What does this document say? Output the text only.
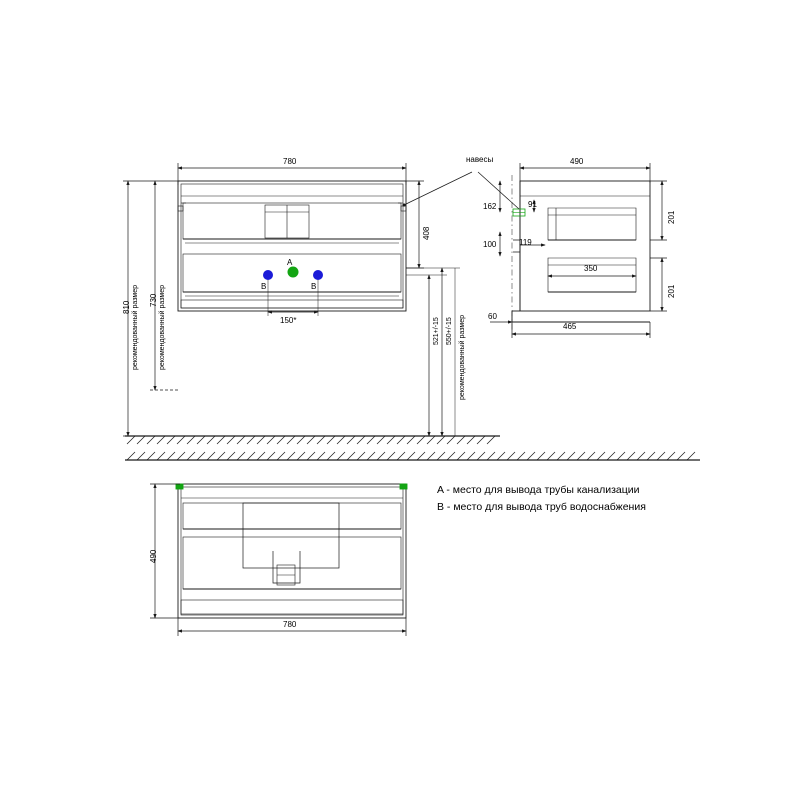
780
рекомендованный размер
810	рекомендованный размер
730
408
150*
A
B	B
521+/-15 550+/-15 рекомендованный размер
навесы	490
162	91
100	119
350
465
60
201
201
780
490
A - место для вывода трубы канализации
B - место для вывода труб водоснабжения
